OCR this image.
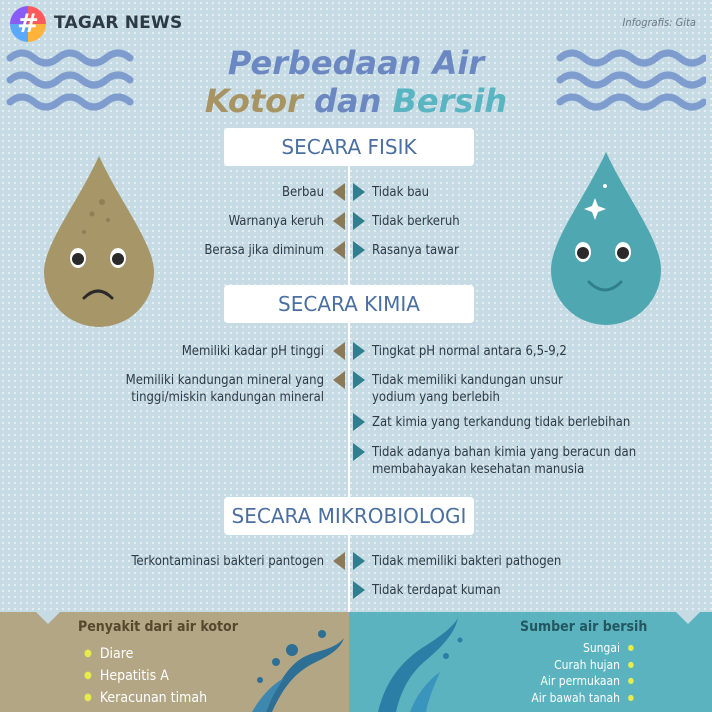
# TAGAR NEWS	Infografis: Gita
Perbedaan Air
Kotor dan Bersih
SECARA FISIK
Berbau
Warnanya keruh
Berasa jika diminum
Tidak bau
Tidak berkeruh
Rasanya tawar
SECARA KIMIA
Memiliki kadar pH tinggi
Memiliki kandungan mineral yang
tinggi/miskin kandungan mineral
Tingkat pH normal antara 6,5-9,2
Tidak memiliki kandungan unsur
yodium yang berlebih
Zat kimia yang terkandung tidak berlebihan
Tidak adanya bahan kimia yang beracun dan
membahayakan kesehatan manusia
SECARA MIKROBIOLOGI
Terkontaminasi bakteri pantogen	Tidak memiliki bakteri pathogen
Tidak terdapat kuman
Penyakit dari air kotor
● Diare
● Hepatitis A
● Keracunan timah
Sumber air bersih
Sungai ●
Curah hujan ●
Air permukaan ●
Air bawah tanah ●
